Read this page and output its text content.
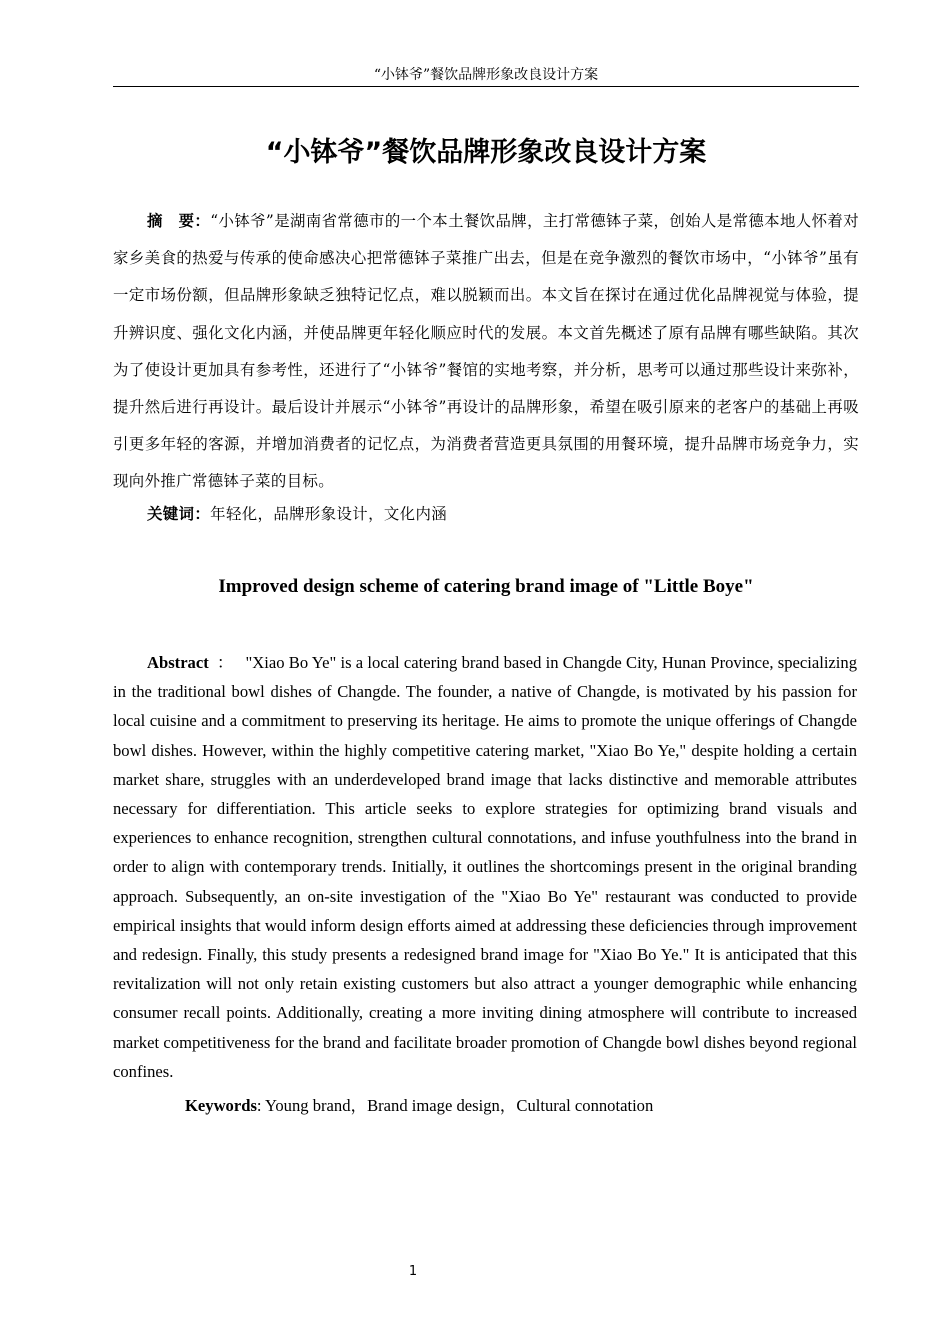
“小钵爷”餐饮品牌形象改良设计方案
“小钵爷”餐饮品牌形象改良设计方案

摘　要：“小钵爷”是湖南省常德市的一个本土餐饮品牌，主打常德钵子菜，创始人是常德本地人怀着对家乡美食的热爱与传承的使命感决心把常德钵子菜推广出去，但是在竞争激烈的餐饮市场中，“小钵爷”虽有一定市场份额，但品牌形象缺乏独特记忆点，难以脱颖而出。本文旨在探讨在通过优化品牌视觉与体验，提升辨识度、强化文化内涵，并使品牌更年轻化顺应时代的发展。本文首先概述了原有品牌有哪些缺陷。其次为了使设计更加具有参考性，还进行了“小钵爷”餐馆的实地考察，并分析，思考可以通过那些设计来弥补，提升然后进行再设计。最后设计并展示“小钵爷”再设计的品牌形象，希望在吸引原来的老客户的基础上再吸引更多年轻的客源，并增加消费者的记忆点，为消费者营造更具氛围的用餐环境，提升品牌市场竞争力，实现向外推广常德钵子菜的目标。

关键词：年轻化，品牌形象设计，文化内涵

Improved design scheme of catering brand image of "Little Boye"

Abstract ： "Xiao Bo Ye" is a local catering brand based in Changde City, Hunan Province, specializing in the traditional bowl dishes of Changde. The founder, a native of Changde, is motivated by his passion for local cuisine and a commitment to preserving its heritage. He aims to promote the unique offerings of Changde bowl dishes. However, within the highly competitive catering market, "Xiao Bo Ye," despite holding a certain market share, struggles with an underdeveloped brand image that lacks distinctive and memorable attributes necessary for differentiation. This article seeks to explore strategies for optimizing brand visuals and experiences to enhance recognition, strengthen cultural connotations, and infuse youthfulness into the brand in order to align with contemporary trends. Initially, it outlines the shortcomings present in the original branding approach. Subsequently, an on-site investigation of the "Xiao Bo Ye" restaurant was conducted to provide empirical insights that would inform design efforts aimed at addressing these deficiencies through improvement and redesign. Finally, this study presents a redesigned brand image for "Xiao Bo Ye." It is anticipated that this revitalization will not only retain existing customers but also attract a younger demographic while enhancing consumer recall points. Additionally, creating a more inviting dining atmosphere will contribute to increased market competitiveness for the brand and facilitate broader promotion of Changde bowl dishes beyond regional confines.

Keywords: Young brand，Brand image design，Cultural connotation

1
